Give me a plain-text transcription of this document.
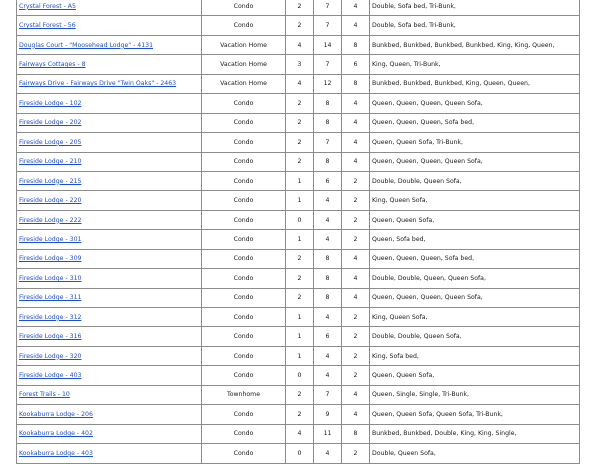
Crystal Forest - A5	Condo	2	7	4	Double, Sofa bed, Tri-Bunk,
Crystal Forest - 56	Condo	2	7	4	Double, Sofa bed, Tri-Bunk,
Douglas Court - "Moosehead Lodge" - 4131	Vacation Home	4	14	8	Bunkbed, Bunkbed, Bunkbed, Bunkbed, King, King, Queen,
Fairways Cottages - 8	Vacation Home	3	7	6	King, Queen, Tri-Bunk,
Fairways Drive - Fairways Drive "Twin Oaks" - 2463	Vacation Home	4	12	8	Bunkbed, Bunkbed, Bunkbed, King, Queen, Queen,
Fireside Lodge - 102	Condo	2	8	4	Queen, Queen, Queen, Queen Sofa,
Fireside Lodge - 202	Condo	2	8	4	Queen, Queen, Queen, Sofa bed,
Fireside Lodge - 205	Condo	2	7	4	Queen, Queen Sofa, Tri-Bunk,
Fireside Lodge - 210	Condo	2	8	4	Queen, Queen, Queen, Queen Sofa,
Fireside Lodge - 215	Condo	1	6	2	Double, Double, Queen Sofa,
Fireside Lodge - 220	Condo	1	4	2	King, Queen Sofa,
Fireside Lodge - 222	Condo	0	4	2	Queen, Queen Sofa,
Fireside Lodge - 301	Condo	1	4	2	Queen, Sofa bed,
Fireside Lodge - 309	Condo	2	8	4	Queen, Queen, Queen, Sofa bed,
Fireside Lodge - 310	Condo	2	8	4	Double, Double, Queen, Queen Sofa,
Fireside Lodge - 311	Condo	2	8	4	Queen, Queen, Queen, Queen Sofa,
Fireside Lodge - 312	Condo	1	4	2	King, Queen Sofa,
Fireside Lodge - 316	Condo	1	6	2	Double, Double, Queen Sofa,
Fireside Lodge - 320	Condo	1	4	2	King, Sofa bed,
Fireside Lodge - 403	Condo	0	4	2	Queen, Queen Sofa,
Forest Trails - 10	Townhome	2	7	4	Queen, Single, Single, Tri-Bunk,
Kookaburra Lodge - 206	Condo	2	9	4	Queen, Queen Sofa, Queen Sofa, Tri-Bunk,
Kookaburra Lodge - 402	Condo	4	11	8	Bunkbed, Bunkbed, Double, King, King, Single,
Kookaburra Lodge - 403	Condo	0	4	2	Double, Queen Sofa,
